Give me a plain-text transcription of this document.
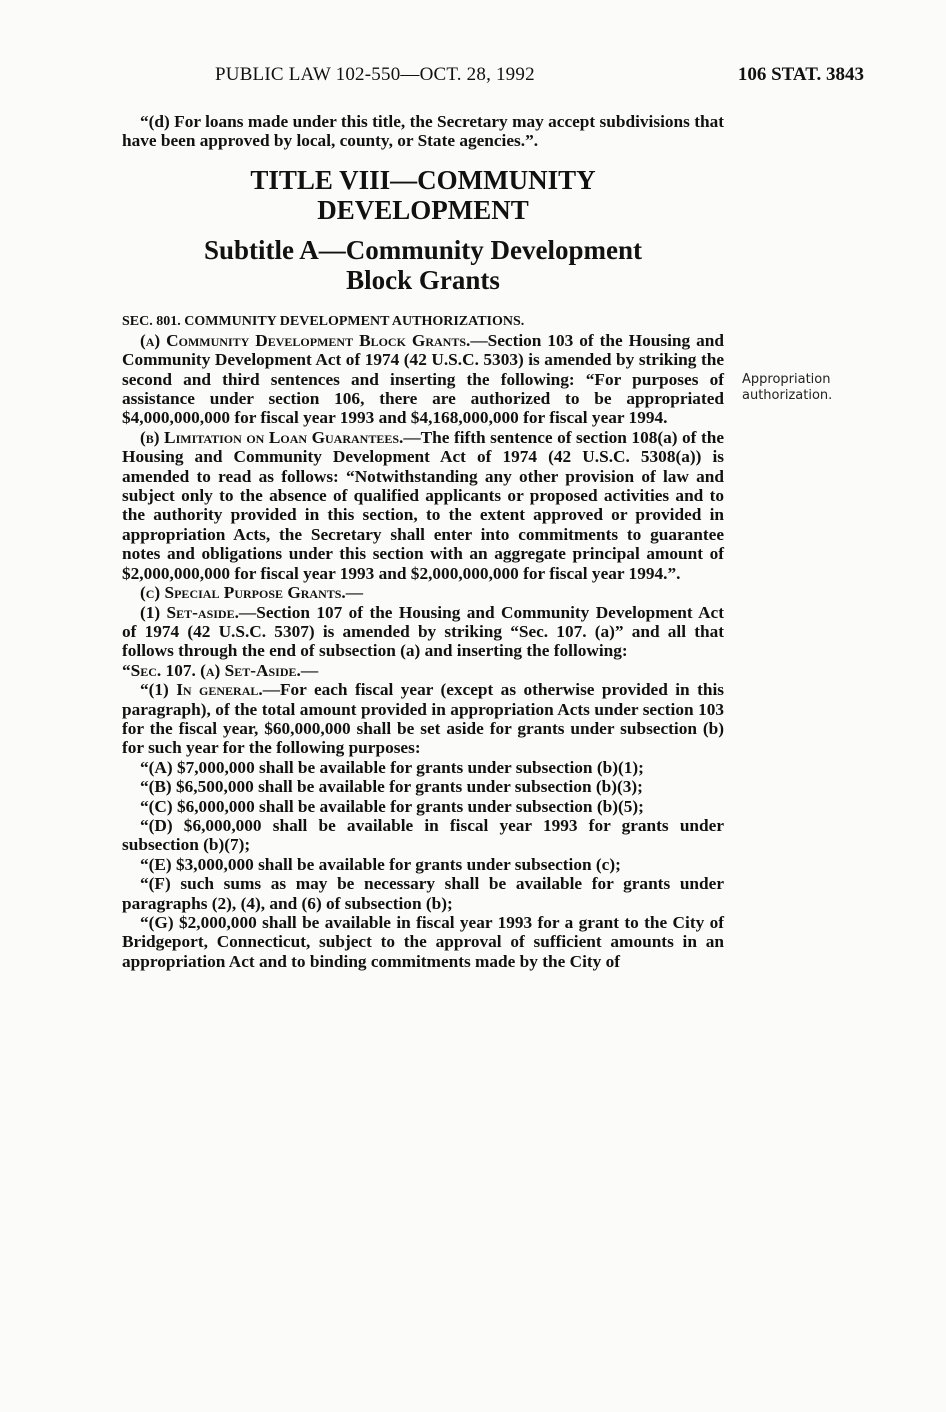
PUBLIC LAW 102-550—OCT. 28, 1992	106 STAT. 3843
Appropriation
authorization.

“(d) For loans made under this title, the Secretary may accept subdivisions that have been approved by local, county, or State agencies.”.

TITLE VIII—COMMUNITY
DEVELOPMENT
Subtitle A—Community Development
Block Grants

SEC. 801. COMMUNITY DEVELOPMENT AUTHORIZATIONS.

(a) Community Development Block Grants.—Section 103 of the Housing and Community Development Act of 1974 (42 U.S.C. 5303) is amended by striking the second and third sentences and inserting the following: “For purposes of assistance under section 106, there are authorized to be appropriated $4,000,000,000 for fiscal year 1993 and $4,168,000,000 for fiscal year 1994.

(b) Limitation on Loan Guarantees.—The fifth sentence of section 108(a) of the Housing and Community Development Act of 1974 (42 U.S.C. 5308(a)) is amended to read as follows: “Notwithstanding any other provision of law and subject only to the absence of qualified applicants or proposed activities and to the authority provided in this section, to the extent approved or provided in appropriation Acts, the Secretary shall enter into commitments to guarantee notes and obligations under this section with an aggregate principal amount of $2,000,000,000 for fiscal year 1993 and $2,000,000,000 for fiscal year 1994.”.

(c) Special Purpose Grants.—

(1) Set-aside.—Section 107 of the Housing and Community Development Act of 1974 (42 U.S.C. 5307) is amended by striking “Sec. 107. (a)” and all that follows through the end of subsection (a) and inserting the following:

“Sec. 107. (a) Set-Aside.—

“(1) In general.—For each fiscal year (except as otherwise provided in this paragraph), of the total amount provided in appropriation Acts under section 103 for the fiscal year, $60,000,000 shall be set aside for grants under subsection (b) for such year for the following purposes:

“(A) $7,000,000 shall be available for grants under subsection (b)(1);

“(B) $6,500,000 shall be available for grants under subsection (b)(3);

“(C) $6,000,000 shall be available for grants under subsection (b)(5);

“(D) $6,000,000 shall be available in fiscal year 1993 for grants under subsection (b)(7);

“(E) $3,000,000 shall be available for grants under subsection (c);

“(F) such sums as may be necessary shall be available for grants under paragraphs (2), (4), and (6) of subsection (b);

“(G) $2,000,000 shall be available in fiscal year 1993 for a grant to the City of Bridgeport, Connecticut, subject to the approval of sufficient amounts in an appropriation Act and to binding commitments made by the City of
